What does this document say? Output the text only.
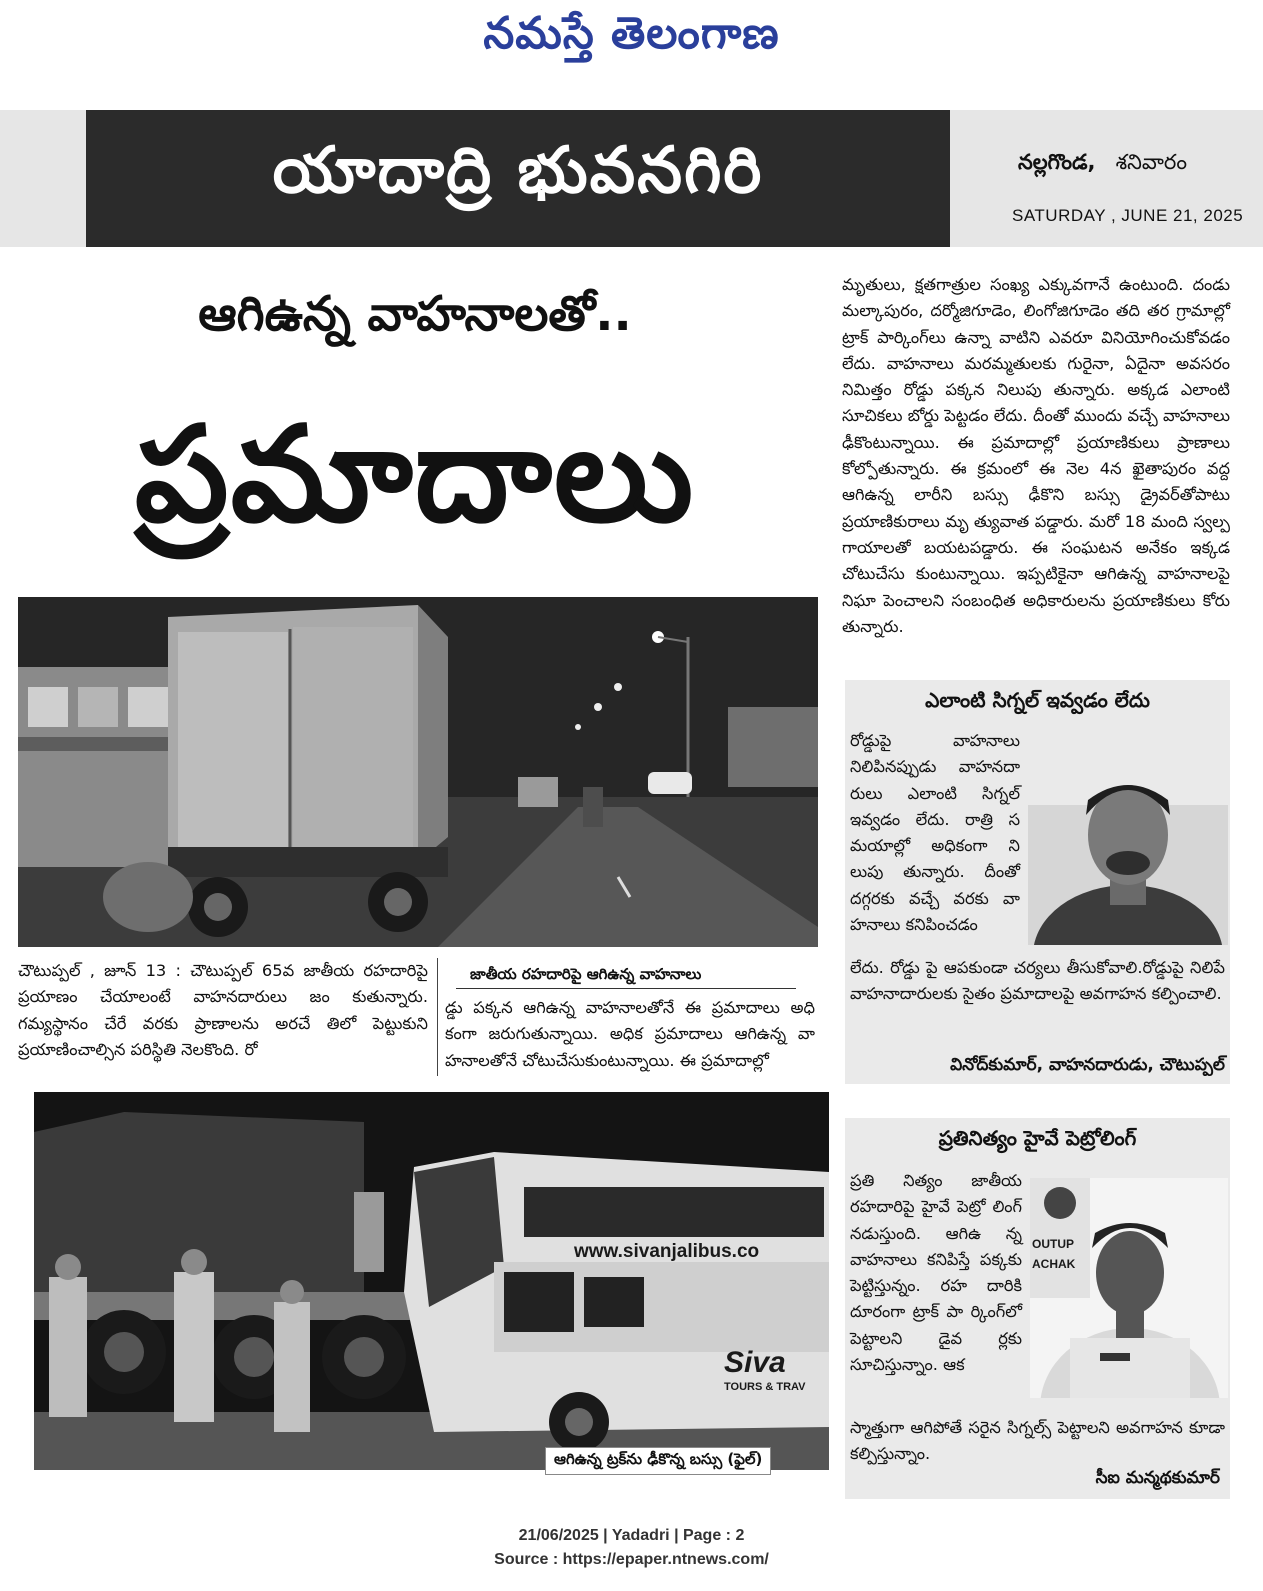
నమస్తే తెలంగాణ
యాదాద్రి భువనగిరి	నల్లగొండ, శనివారం
SATURDAY , JUNE 21, 2025
ఆగిఉన్న వాహనాలతో..
ప్రమాదాలు
మృతులు, క్షతగాత్రుల సంఖ్య ఎక్కువగానే ఉంటుంది. దండు మల్కాపురం, దర్మోజిగూడెం, లింగోజిగూడెం తది తర గ్రామాల్లో ట్రాక్ పార్కింగ్‌లు ఉన్నా వాటిని ఎవరూ వినియోగించుకోవడం లేదు. వాహనాలు మరమ్మతులకు గురైనా, ఏదైనా అవసరం నిమిత్తం రోడ్డు పక్కన నిలుపు తున్నారు. అక్కడ ఎలాంటి సూచికలు బోర్డు పెట్టడం లేదు. దీంతో ముందు వచ్చే వాహనాలు ఢీకొంటున్నాయి. ఈ ప్రమాదాల్లో ప్రయాణికులు ప్రాణాలు కోల్పోతున్నారు. ఈ క్రమంలో ఈ నెల 4న ఖైతాపురం వద్ద ఆగిఉన్న లారీని బస్సు ఢీకొని బస్సు డ్రైవర్‌తోపాటు ప్రయాణికురాలు మృ త్యువాత పడ్డారు. మరో 18 మంది స్వల్ప గాయాలతో బయటపడ్డారు. ఈ సంఘటన అనేకం ఇక్కడ చోటుచేసు కుంటున్నాయి. ఇప్పటికైనా ఆగిఉన్న వాహనాలపై నిఘా పెంచాలని సంబంధిత అధికారులను ప్రయాణికులు కోరు తున్నారు.
జాతీయ రహదారిపై ఆగిఉన్న వాహనాలు
చౌటుప్పల్ , జూన్ 13 : చౌటుప్పల్ 65వ జాతీయ రహదారిపై ప్రయాణం చేయాలంటే వాహనదారులు జం కుతున్నారు. గమ్యస్థానం చేరే వరకు ప్రాణాలను అరచే తిలో పెట్టుకుని ప్రయాణించాల్సిన పరిస్థితి నెలకొంది. రో
డ్డు పక్కన ఆగిఉన్న వాహనాలతోనే ఈ ప్రమాదాలు అధి కంగా జరుగుతున్నాయి. అధిక ప్రమాదాలు ఆగిఉన్న వా హనాలతోనే చోటుచేసుకుంటున్నాయి. ఈ ప్రమాదాల్లో
www.sivanjalibus.co
Siva
TOURS & TRAV
ఆగిఉన్న ట్రక్‌ను ఢీకొన్న బస్సు (ఫైల్)
ఎలాంటి సిగ్నల్ ఇవ్వడం లేదు
రోడ్డుపై వాహనాలు నిలిపినప్పుడు వాహనదా రులు ఎలాంటి సిగ్నల్ ఇవ్వడం లేదు. రాత్రి స మయాల్లో అధికంగా ని లుపు తున్నారు. దీంతో దగ్గరకు వచ్చే వరకు వా హనాలు కనిపించడం
లేదు. రోడ్డు పై ఆపకుండా చర్యలు తీసుకోవాలి.రోడ్డుపై నిలిపే వాహనాదారులకు సైతం ప్రమాదాలపై అవగాహన కల్పించాలి.
వినోద్‌కుమార్, వాహనదారుడు, చౌటుప్పల్
ప్రతినిత్యం హైవే పెట్రోలింగ్
ప్రతి నిత్యం జాతీయ రహదారిపై హైవే పెట్రో లింగ్ నడుస్తుంది. ఆగిఉ న్న వాహనాలు కనిపిస్తే పక్కకు పెట్టిస్తున్నం. రహ దారికి దూరంగా ట్రాక్ పా ర్కింగ్‌లో పెట్టాలని డైవ ర్లకు సూచిస్తున్నాం. ఆక
OUTUP
ACHAK
స్మాత్తుగా ఆగిపోతే సరైన సిగ్నల్స్ పెట్టాలని అవగాహన కూడా కల్పిస్తున్నాం.
సీఐ మన్మథకుమార్
21/06/2025 | Yadadri | Page : 2
Source : https://epaper.ntnews.com/
